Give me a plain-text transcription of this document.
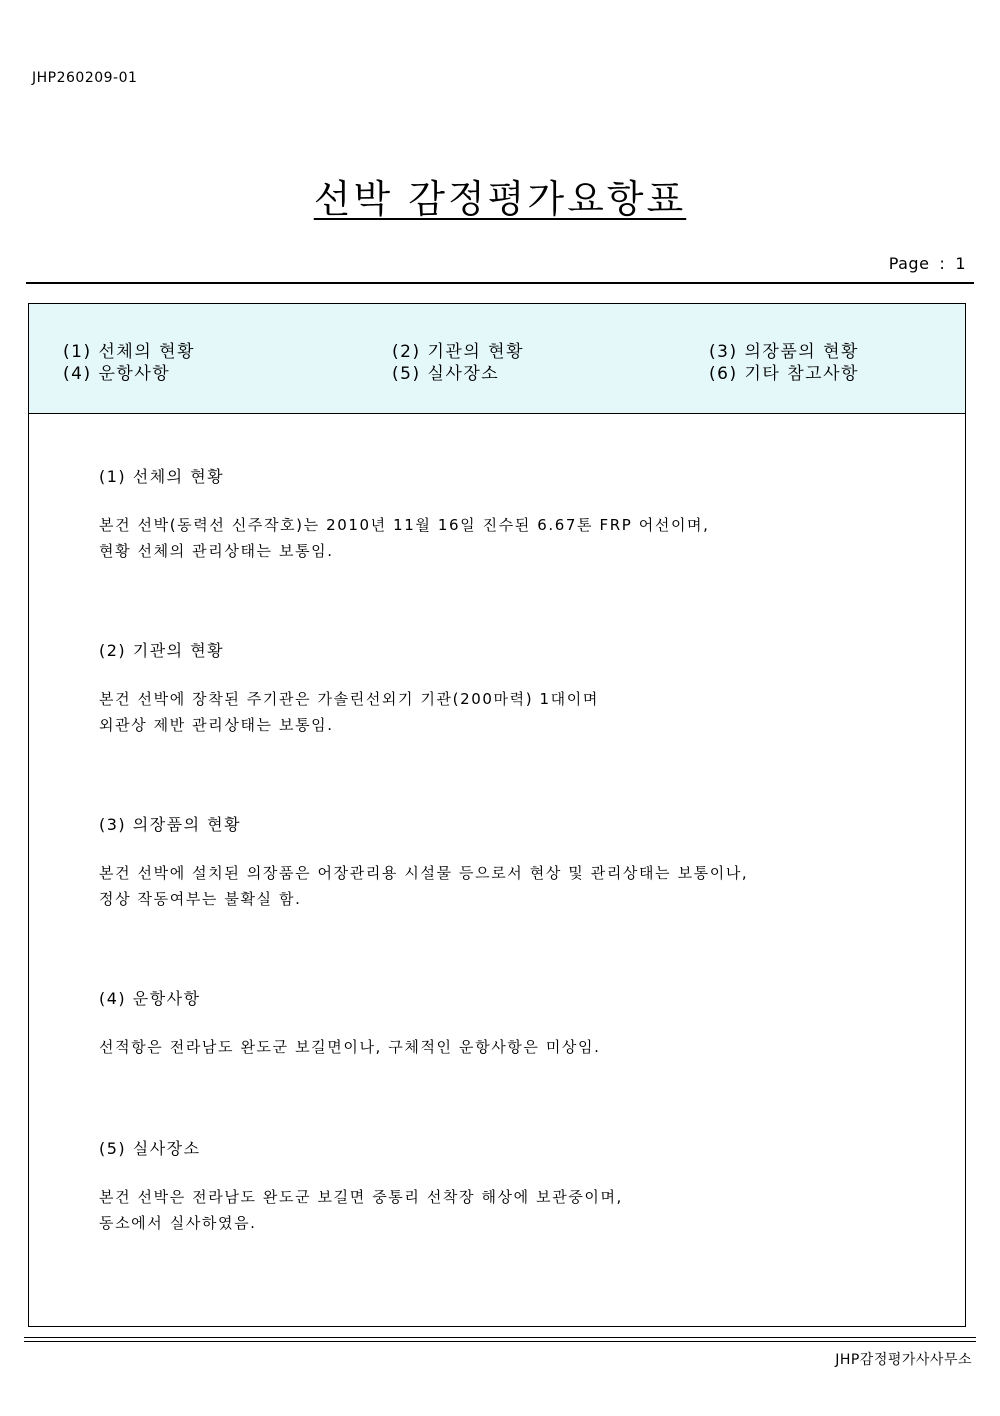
JHP260209-01
선박 감정평가요항표
Page : 1
(1) 선체의 현황	(2) 기관의 현황	(3) 의장품의 현황
(4) 운항사항	(5) 실사장소	(6) 기타 참고사항
(1) 선체의 현황
본건 선박(동력선 신주작호)는 2010년 11월 16일 진수된 6.67톤 FRP 어선이며,
현황 선체의 관리상태는 보통임.
(2) 기관의 현황
본건 선박에 장착된 주기관은 가솔린선외기 기관(200마력) 1대이며
외관상 제반 관리상태는 보통임.
(3) 의장품의 현황
본건 선박에 설치된 의장품은 어장관리용 시설물 등으로서 현상 및 관리상태는 보통이나,
정상 작동여부는 불확실 함.
(4) 운항사항
선적항은 전라남도 완도군 보길면이나, 구체적인 운항사항은 미상임.
(5) 실사장소
본건 선박은 전라남도 완도군 보길면 중통리 선착장 해상에 보관중이며,
동소에서 실사하였음.
JHP감정평가사사무소
